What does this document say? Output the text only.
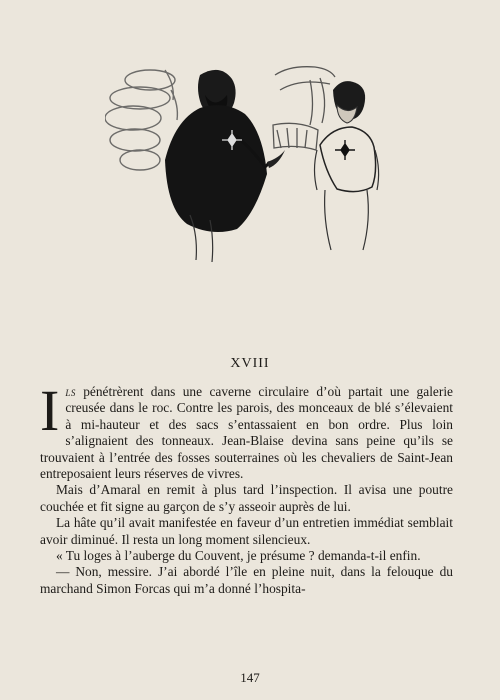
XVIII

Ils pénétrèrent dans une caverne circulaire d’où partait une galerie creusée dans le roc. Contre les parois, des monceaux de blé s’élevaient à mi-hauteur et des sacs s’entassaient en bon ordre. Plus loin s’alignaient des tonneaux. Jean-Blaise devina sans peine qu’ils se trouvaient à l’entrée des fosses souterraines où les chevaliers de Saint-Jean entreposaient leurs réserves de vivres.

Mais d’Amaral en remit à plus tard l’inspection. Il avisa une poutre couchée et fit signe au garçon de s’y asseoir auprès de lui.

La hâte qu’il avait manifestée en faveur d’un entretien immédiat semblait avoir diminué. Il resta un long moment silencieux.

« Tu loges à l’auberge du Couvent, je présume ? demanda-t-il enfin.

— Non, messire. J’ai abordé l’île en pleine nuit, dans la felouque du marchand Simon Forcas qui m’a donné l’hospita-

147
